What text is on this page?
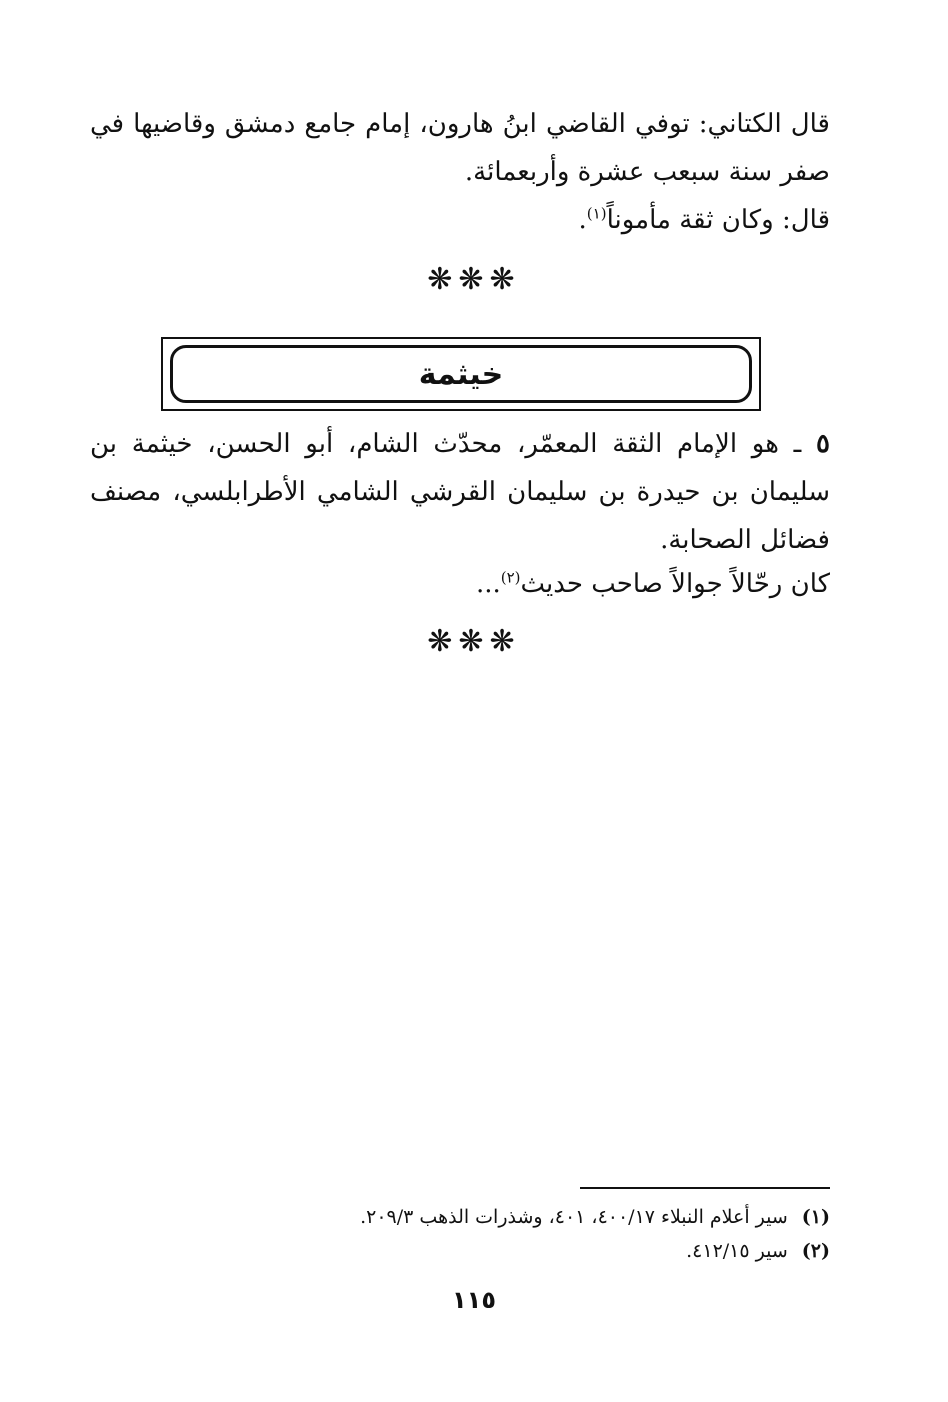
قال الكتاني: توفي القاضي ابنُ هارون، إمام جامع دمشق وقاضيها في صفر سنة سبعب عشرة وأربعمائة.

قال: وكان ثقة مأموناً$^{(١)}$.

❋❋❋
خيثمة

٥ ـ هو الإمام الثقة المعمّر، محدّث الشام، أبو الحسن، خيثمة بن سليمان بن حيدرة بن سليمان القرشي الشامي الأطرابلسي، مصنف فضائل الصحابة.

كان رحّالاً جوالاً صاحب حديث$^{(٢)}$...

❋❋❋

(١)سير أعلام النبلاء ٤٠٠/١٧، ٤٠١، وشذرات الذهب ٢٠٩/٣.

(٢)سير ٤١٢/١٥.

١١٥
